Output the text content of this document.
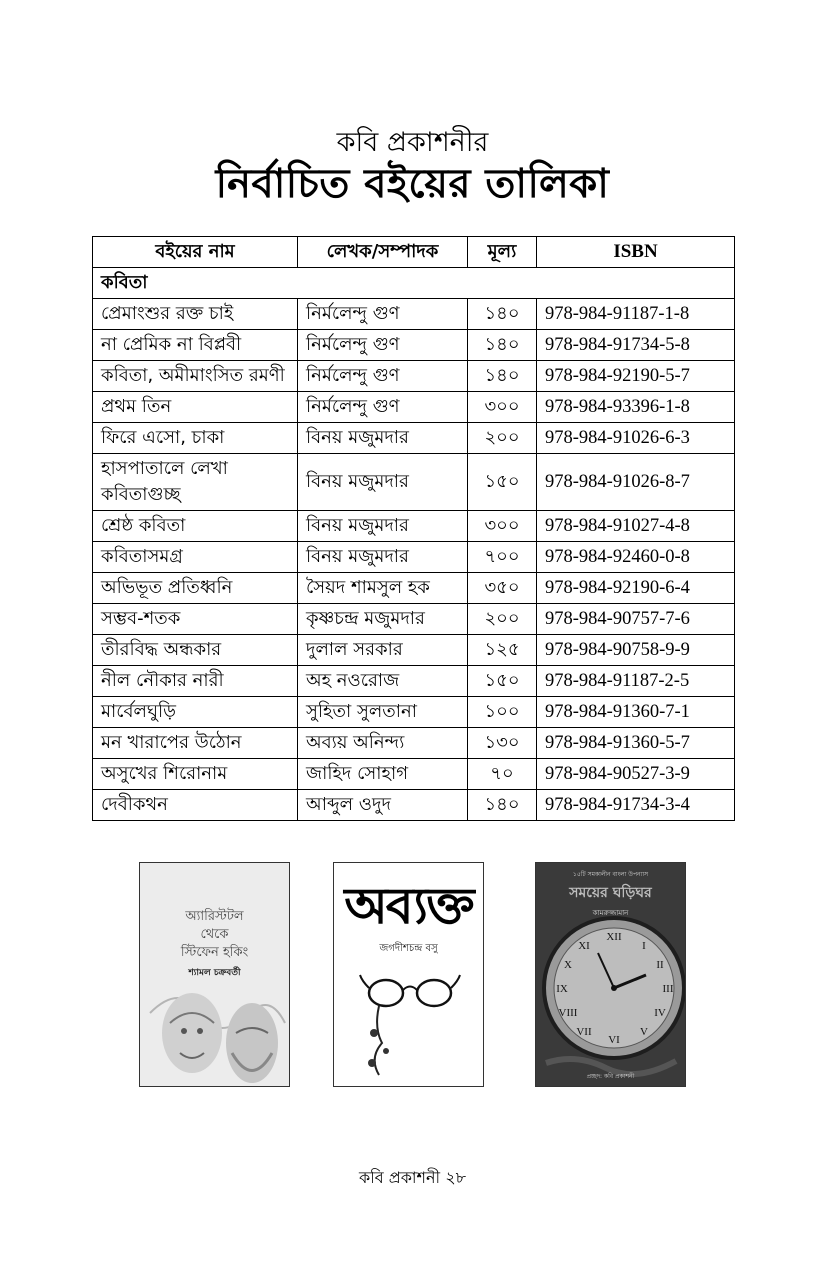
কবি প্রকাশনীর
নির্বাচিত বইয়ের তালিকা
বইয়ের নাম	লেখক/সম্পাদক	মূল্য	ISBN
কবিতা			
প্রেমাংশুর রক্ত চাই	নির্মলেন্দু গুণ	১৪০	978-984-91187-1-8
না প্রেমিক না বিপ্লবী	নির্মলেন্দু গুণ	১৪০	978-984-91734-5-8
কবিতা, অমীমাংসিত রমণী	নির্মলেন্দু গুণ	১৪০	978-984-92190-5-7
প্রথম তিন	নির্মলেন্দু গুণ	৩০০	978-984-93396-1-8
ফিরে এসো, চাকা	বিনয় মজুমদার	২০০	978-984-91026-6-3
হাসপাতালে লেখা কবিতাগুচ্ছ	বিনয় মজুমদার	১৫০	978-984-91026-8-7
শ্রেষ্ঠ কবিতা	বিনয় মজুমদার	৩০০	978-984-91027-4-8
কবিতাসমগ্র	বিনয় মজুমদার	৭০০	978-984-92460-0-8
অভিভূত প্রতিধ্বনি	সৈয়দ শামসুল হক	৩৫০	978-984-92190-6-4
সম্ভব-শতক	কৃষ্ণচন্দ্র মজুমদার	২০০	978-984-90757-7-6
তীরবিদ্ধ অন্ধকার	দুলাল সরকার	১২৫	978-984-90758-9-9
নীল নৌকার নারী	অহ নওরোজ	১৫০	978-984-91187-2-5
মার্বেলঘুড়ি	সুহিতা সুলতানা	১০০	978-984-91360-7-1
মন খারাপের উঠোন	অব্যয় অনিন্দ্য	১৩০	978-984-91360-5-7
অসুখের শিরোনাম	জাহিদ সোহাগ	৭০	978-984-90527-3-9
দেবীকথন	আব্দুল ওদুদ	১৪০	978-984-91734-3-4
অ্যারিস্টটল
থেকে
স্টিফেন হকিং
শ্যামল চক্রবর্তী
অব্যক্ত
জগদীশচন্দ্র বসু
XII
I
II
III
IV
V
VI
VII
VIII
IX
X
XI
১৫টি সমকালীন বাংলা উপন্যাস
সময়ের ঘড়িঘর
কামরুজ্জামান
প্রচ্ছদ: কবি প্রকাশনী
কবি প্রকাশনী ২৮
